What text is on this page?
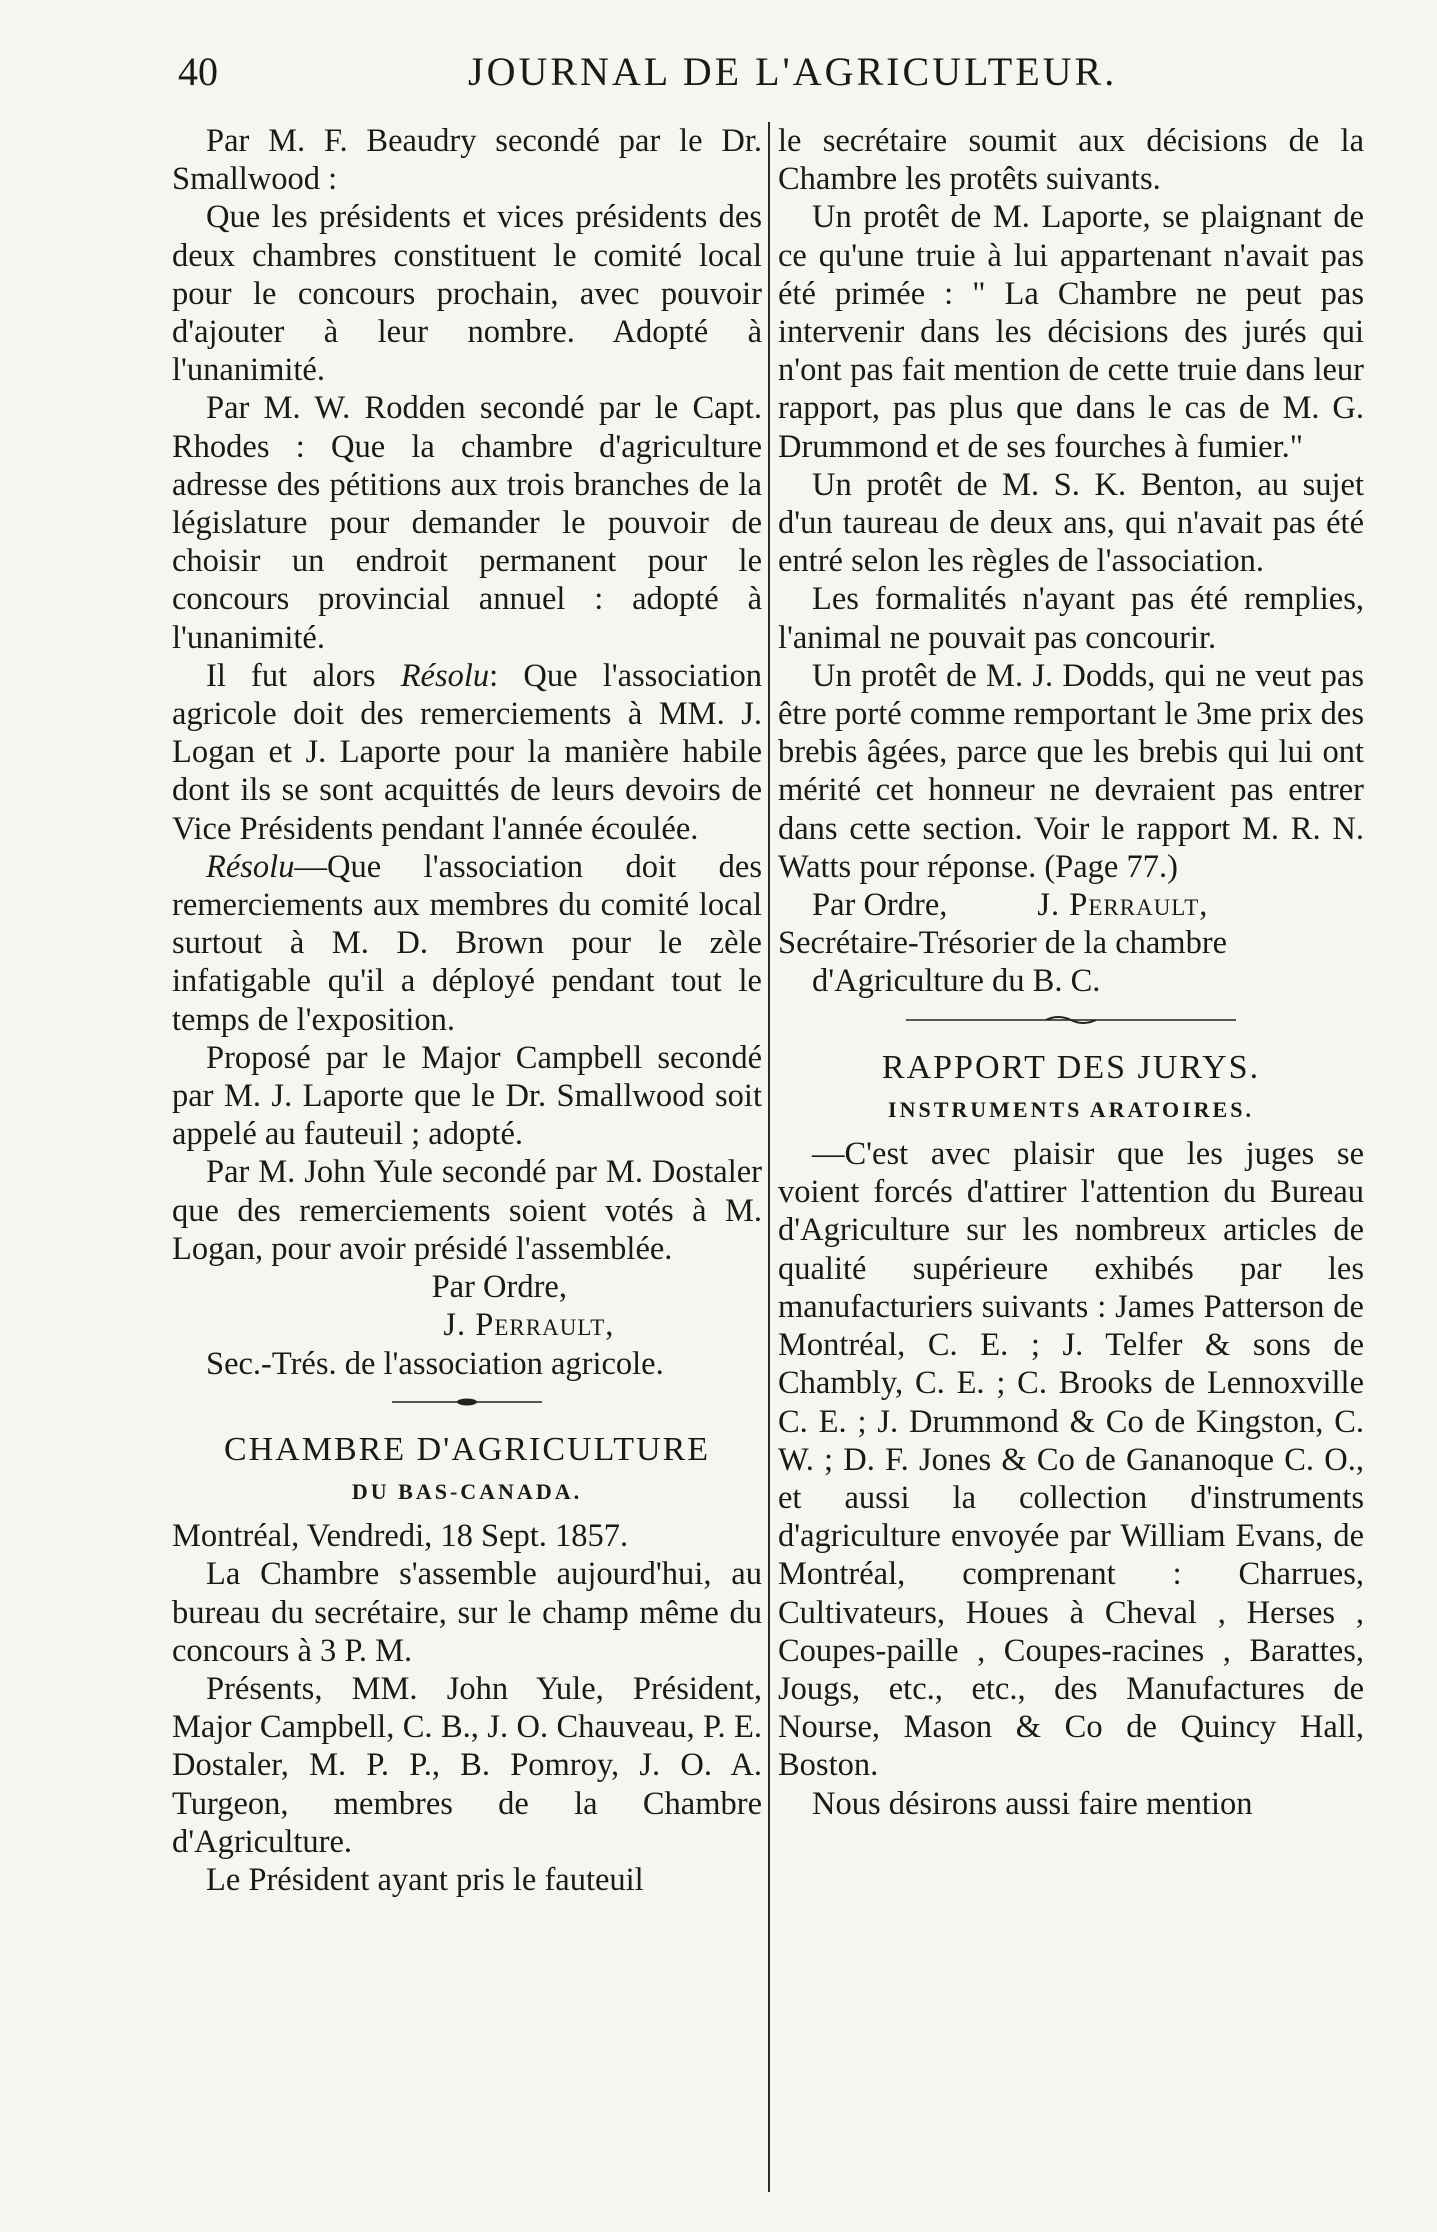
40	JOURNAL DE L'AGRICULTEUR.

Par M. F. Beaudry secondé par le Dr. Smallwood :

Que les présidents et vices présidents des deux chambres constituent le comité local pour le concours prochain, avec pouvoir d'ajouter à leur nombre. Adopté à l'unanimité.

Par M. W. Rodden secondé par le Capt. Rhodes : Que la chambre d'agriculture adresse des pétitions aux trois branches de la législature pour demander le pouvoir de choisir un endroit permanent pour le concours provincial annuel : adopté à l'unanimité.

Il fut alors Résolu: Que l'association agricole doit des remerciements à MM. J. Logan et J. Laporte pour la manière habile dont ils se sont acquittés de leurs devoirs de Vice Présidents pendant l'année écoulée.

Résolu—Que l'association doit des remerciements aux membres du comité local surtout à M. D. Brown pour le zèle infatigable qu'il a déployé pendant tout le temps de l'exposition.

Proposé par le Major Campbell secondé par M. J. Laporte que le Dr. Smallwood soit appelé au fauteuil ; adopté.

Par M. John Yule secondé par M. Dostaler que des remerciements soient votés à M. Logan, pour avoir présidé l'assemblée.

Par Ordre,

J. Perrault,

Sec.-Trés. de l'association agricole.

CHAMBRE D'AGRICULTURE

DU BAS-CANADA.

Montréal, Vendredi, 18 Sept. 1857.

La Chambre s'assemble aujourd'hui, au bureau du secrétaire, sur le champ même du concours à 3 P. M.

Présents, MM. John Yule, Président, Major Campbell, C. B., J. O. Chauveau, P. E. Dostaler, M. P. P., B. Pomroy, J. O. A. Turgeon, membres de la Chambre d'Agriculture.

Le Président ayant pris le fauteuil

le secrétaire soumit aux décisions de la Chambre les protêts suivants.

Un protêt de M. Laporte, se plaignant de ce qu'une truie à lui appartenant n'avait pas été primée : " La Chambre ne peut pas intervenir dans les décisions des jurés qui n'ont pas fait mention de cette truie dans leur rapport, pas plus que dans le cas de M. G. Drummond et de ses fourches à fumier."

Un protêt de M. S. K. Benton, au sujet d'un taureau de deux ans, qui n'avait pas été entré selon les règles de l'association.

Les formalités n'ayant pas été remplies, l'animal ne pouvait pas concourir.

Un protêt de M. J. Dodds, qui ne veut pas être porté comme remportant le 3me prix des brebis âgées, parce que les brebis qui lui ont mérité cet honneur ne devraient pas entrer dans cette section. Voir le rapport M. R. N. Watts pour réponse. (Page 77.)

Par Ordre,	J. Perrault,

Secrétaire-Trésorier de la chambre

d'Agriculture du B. C.

RAPPORT DES JURYS.

INSTRUMENTS ARATOIRES.

—C'est avec plaisir que les juges se voient forcés d'attirer l'attention du Bureau d'Agriculture sur les nombreux articles de qualité supérieure exhibés par les manufacturiers suivants : James Patterson de Montréal, C. E. ; J. Telfer & sons de Chambly, C. E. ; C. Brooks de Lennoxville C. E. ; J. Drummond & Co de Kingston, C. W. ; D. F. Jones & Co de Gananoque C. O., et aussi la collection d'instruments d'agriculture envoyée par William Evans, de Montréal, comprenant : Charrues, Cultivateurs, Houes à Cheval , Herses , Coupes-paille , Coupes-racines , Barattes, Jougs, etc., etc., des Manufactures de Nourse, Mason & Co de Quincy Hall, Boston.

Nous désirons aussi faire mention
